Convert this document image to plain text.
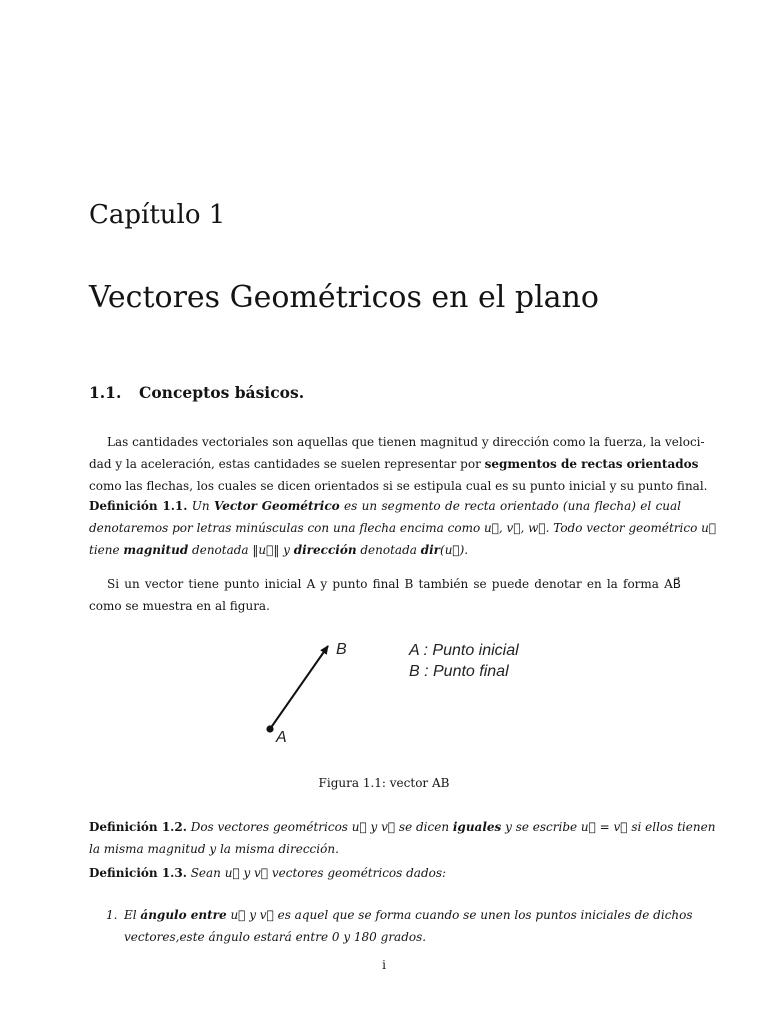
Capítulo 1
Vectores Geométricos en el plano
1.1. Conceptos básicos.
Las cantidades vectoriales son aquellas que tienen magnitud y dirección como la fuerza, la veloci-
dad y la aceleración, estas cantidades se suelen representar por segmentos de rectas orientados
como las flechas, los cuales se dicen orientados si se estipula cual es su punto inicial y su punto final.
Definición 1.1. Un Vector Geométrico es un segmento de recta orientado (una flecha) el cual
denotaremos por letras minúsculas con una flecha encima como u⃗, v⃗, w⃗. Todo vector geométrico u⃗
tiene magnitud denotada ‖u⃗‖ y dirección denotada dir(u⃗).
Si un vector tiene punto inicial A y punto final B también se puede denotar en la forma AB⃗
como se muestra en al figura.
A
B	A : Punto inicial
B : Punto final
Figura 1.1: vector AB
Definición 1.2. Dos vectores geométricos u⃗ y v⃗ se dicen iguales y se escribe u⃗ = v⃗ si ellos tienen
la misma magnitud y la misma dirección.
Definición 1.3. Sean u⃗ y v⃗ vectores geométricos dados:
1. El ángulo entre u⃗ y v⃗ es aquel que se forma cuando se unen los puntos iniciales de dichos
vectores,este ángulo estará entre 0 y 180 grados.
i
